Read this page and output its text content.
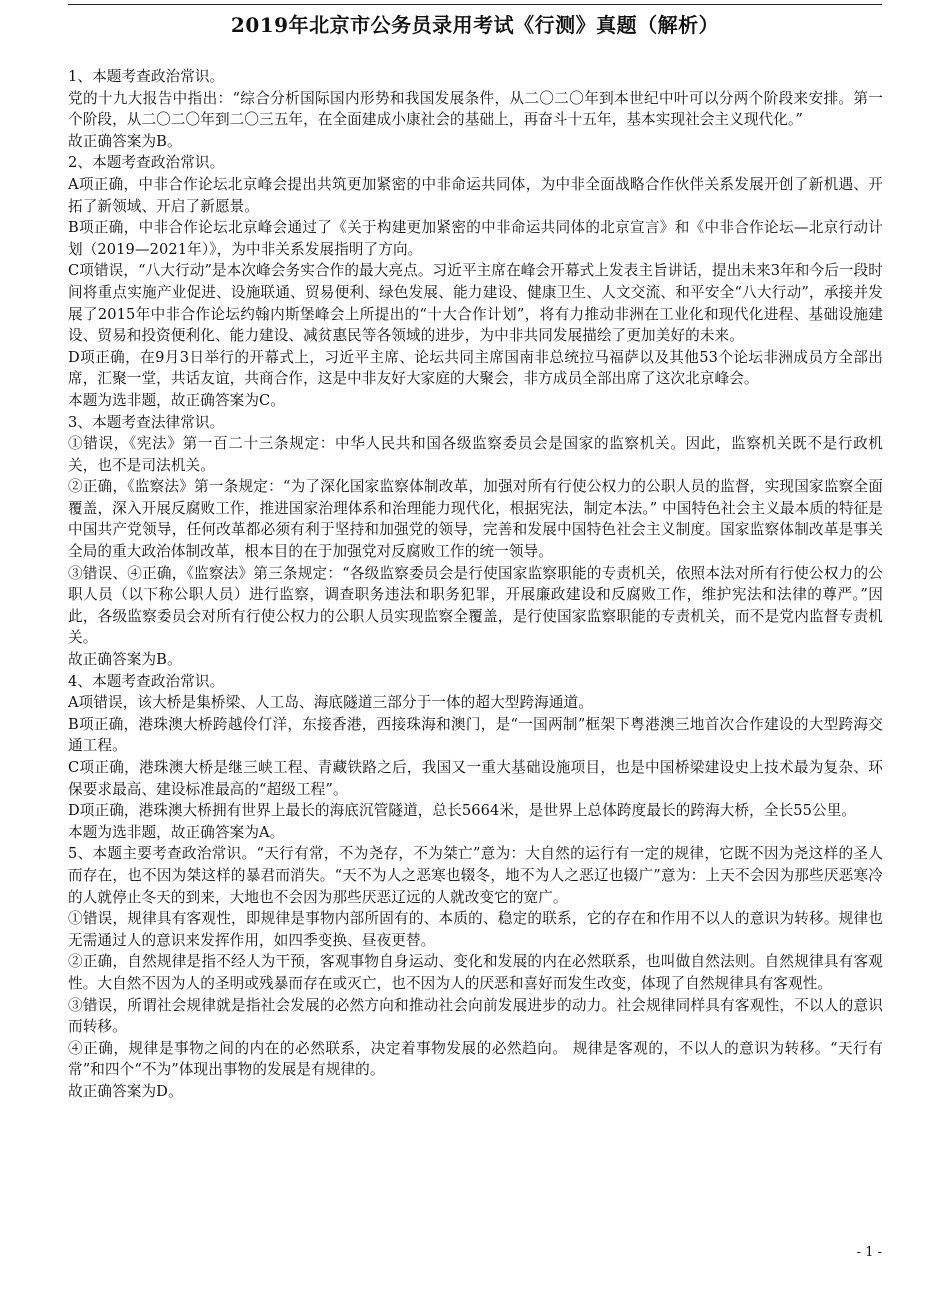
2019年北京市公务员录用考试《行测》真题（解析）

1、本题考查政治常识。

党的十九大报告中指出：“综合分析国际国内形势和我国发展条件，从二〇二〇年到本世纪中叶可以分两个阶段来安排。第一个阶段，从二〇二〇年到二〇三五年，在全面建成小康社会的基础上，再奋斗十五年，基本实现社会主义现代化。”

故正确答案为B。

2、本题考查政治常识。

A项正确，中非合作论坛北京峰会提出共筑更加紧密的中非命运共同体，为中非全面战略合作伙伴关系发展开创了新机遇、开拓了新领域、开启了新愿景。

B项正确，中非合作论坛北京峰会通过了《关于构建更加紧密的中非命运共同体的北京宣言》和《中非合作论坛—北京行动计划（2019—2021年）》，为中非关系发展指明了方向。

C项错误，“八大行动”是本次峰会务实合作的最大亮点。习近平主席在峰会开幕式上发表主旨讲话，提出未来3年和今后一段时间将重点实施产业促进、设施联通、贸易便利、绿色发展、能力建设、健康卫生、人文交流、和平安全“八大行动”，承接并发展了2015年中非合作论坛约翰内斯堡峰会上所提出的“十大合作计划”，将有力推动非洲在工业化和现代化进程、基础设施建设、贸易和投资便利化、能力建设、减贫惠民等各领域的进步，为中非共同发展描绘了更加美好的未来。

D项正确，在9月3日举行的开幕式上，习近平主席、论坛共同主席国南非总统拉马福萨以及其他53个论坛非洲成员方全部出席，汇聚一堂，共话友谊，共商合作，这是中非友好大家庭的大聚会，非方成员全部出席了这次北京峰会。

本题为选非题，故正确答案为C。

3、本题考查法律常识。

①错误，《宪法》第一百二十三条规定：中华人民共和国各级监察委员会是国家的监察机关。因此，监察机关既不是行政机关，也不是司法机关。

②正确，《监察法》第一条规定：“为了深化国家监察体制改革，加强对所有行使公权力的公职人员的监督，实现国家监察全面覆盖，深入开展反腐败工作，推进国家治理体系和治理能力现代化，根据宪法，制定本法。” 中国特色社会主义最本质的特征是中国共产党领导，任何改革都必须有利于坚持和加强党的领导，完善和发展中国特色社会主义制度。国家监察体制改革是事关全局的重大政治体制改革，根本目的在于加强党对反腐败工作的统一领导。

③错误、④正确，《监察法》第三条规定：“各级监察委员会是行使国家监察职能的专责机关，依照本法对所有行使公权力的公职人员（以下称公职人员）进行监察，调查职务违法和职务犯罪，开展廉政建设和反腐败工作，维护宪法和法律的尊严。”因此，各级监察委员会对所有行使公权力的公职人员实现监察全覆盖，是行使国家监察职能的专责机关，而不是党内监督专责机关。

故正确答案为B。

4、本题考查政治常识。

A项错误，该大桥是集桥梁、人工岛、海底隧道三部分于一体的超大型跨海通道。

B项正确，港珠澳大桥跨越伶仃洋，东接香港，西接珠海和澳门，是“一国两制”框架下粤港澳三地首次合作建设的大型跨海交通工程。

C项正确，港珠澳大桥是继三峡工程、青藏铁路之后，我国又一重大基础设施项目，也是中国桥梁建设史上技术最为复杂、环保要求最高、建设标准最高的“超级工程”。

D项正确，港珠澳大桥拥有世界上最长的海底沉管隧道，总长5664米，是世界上总体跨度最长的跨海大桥，全长55公里。

本题为选非题，故正确答案为A。

5、本题主要考查政治常识。“天行有常，不为尧存，不为桀亡”意为：大自然的运行有一定的规律，它既不因为尧这样的圣人而存在，也不因为桀这样的暴君而消失。“天不为人之恶寒也辍冬，地不为人之恶辽也辍广”意为：上天不会因为那些厌恶寒冷的人就停止冬天的到来，大地也不会因为那些厌恶辽远的人就改变它的宽广。

①错误，规律具有客观性，即规律是事物内部所固有的、本质的、稳定的联系，它的存在和作用不以人的意识为转移。规律也无需通过人的意识来发挥作用，如四季变换、昼夜更替。

②正确，自然规律是指不经人为干预，客观事物自身运动、变化和发展的内在必然联系，也叫做自然法则。自然规律具有客观性。大自然不因为人的圣明或残暴而存在或灭亡，也不因为人的厌恶和喜好而发生改变，体现了自然规律具有客观性。

③错误，所谓社会规律就是指社会发展的必然方向和推动社会向前发展进步的动力。社会规律同样具有客观性，不以人的意识而转移。

④正确，规律是事物之间的内在的必然联系，决定着事物发展的必然趋向。 规律是客观的，不以人的意识为转移。“天行有常”和四个“不为”体现出事物的发展是有规律的。

故正确答案为D。

- 1 -
